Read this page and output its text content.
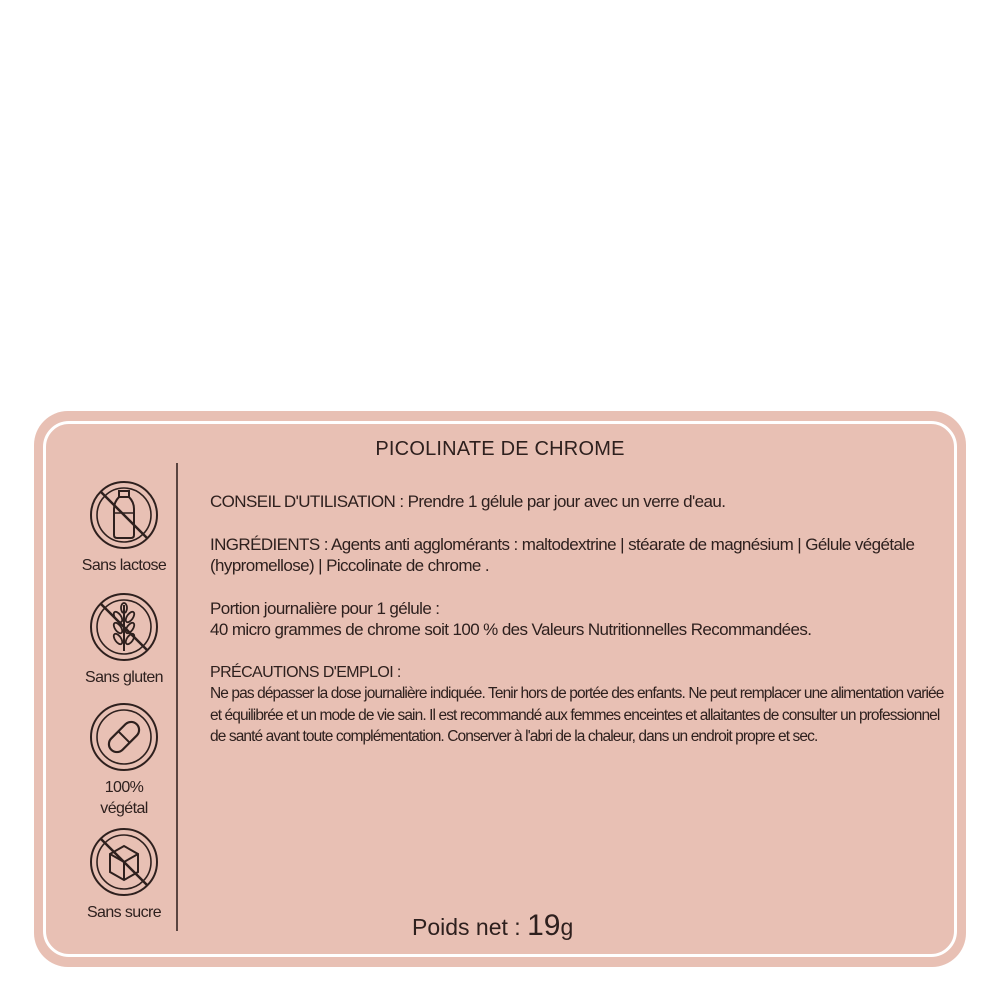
PICOLINATE DE CHROME
Sans lactose
Sans gluten
100% végétal
Sans sucre

CONSEIL D'UTILISATION : Prendre 1 gélule par jour avec un verre d'eau.

INGRÉDIENTS : Agents anti agglomérants : maltodextrine | stéarate de magnésium | Gélule végétale (hypromellose) | Piccolinate de chrome .

Portion journalière pour 1 gélule :

40 micro grammes de chrome soit 100 % des Valeurs Nutritionnelles Recommandées.

PRÉCAUTIONS D'EMPLOI :

Ne pas dépasser la dose journalière indiquée. Tenir hors de portée des enfants. Ne peut remplacer une alimentation variée et équilibrée et un mode de vie sain. Il est recommandé aux femmes enceintes et allaitantes de consulter un professionnel de santé avant toute complémentation. Conserver à l'abri de la chaleur, dans un endroit propre et sec.

Poids net : 19g
